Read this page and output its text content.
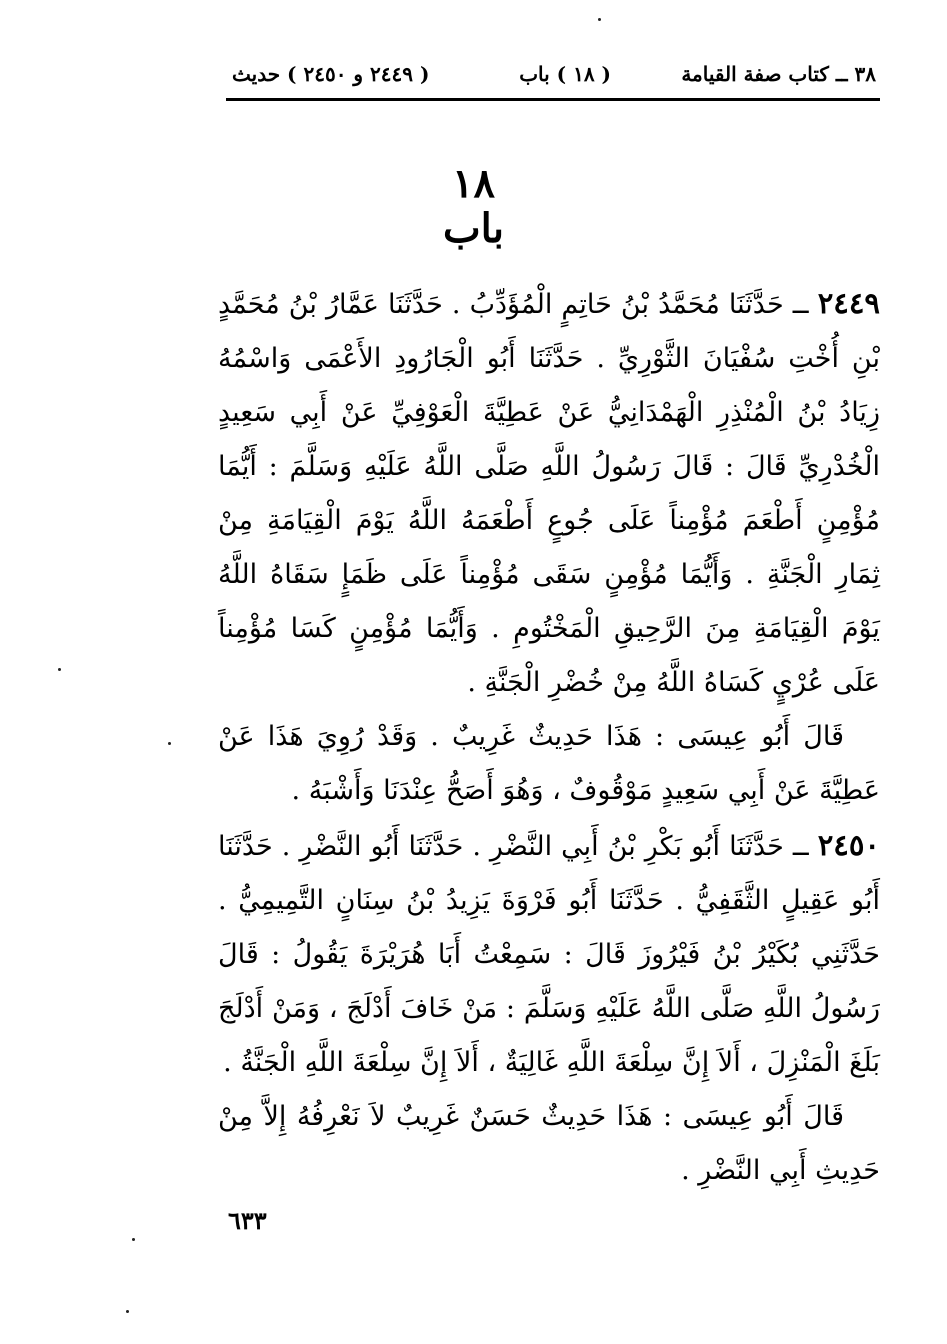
٣٨ ــ كتاب صفة القيامة
( ١٨ ) باب
( ٢٤٤٩ و ٢٤٥٠ ) حديث
١٨
باب

٢٤٤٩ ــ حَدَّثَنَا مُحَمَّدُ بْنُ حَاتِمٍ الْمُؤَدِّبُ . حَدَّثَنَا عَمَّارُ بْنُ مُحَمَّدٍ بْنِ أُخْتِ سُفْيَانَ الثَّوْرِيِّ . حَدَّثَنَا أَبُو الْجَارُودِ الأَعْمَى وَاسْمُهُ زِيَادُ بْنُ الْمُنْذِرِ الْهَمْدَانِيُّ عَنْ عَطِيَّةَ الْعَوْفِيِّ عَنْ أَبِي سَعِيدٍ الْخُدْرِيِّ قَالَ : قَالَ رَسُولُ اللَّهِ صَلَّى اللَّهُ عَلَيْهِ وَسَلَّمَ : أَيُّمَا مُؤْمِنٍ أَطْعَمَ مُؤْمِناً عَلَى جُوعٍ أَطْعَمَهُ اللَّهُ يَوْمَ الْقِيَامَةِ مِنْ ثِمَارِ الْجَنَّةِ . وَأَيُّمَا مُؤْمِنٍ سَقَى مُؤْمِناً عَلَى ظَمَإٍ سَقَاهُ اللَّهُ يَوْمَ الْقِيَامَةِ مِنَ الرَّحِيقِ الْمَخْتُومِ . وَأَيُّمَا مُؤْمِنٍ كَسَا مُؤْمِناً عَلَى عُرْيٍ كَسَاهُ اللَّهُ مِنْ خُضْرِ الْجَنَّةِ .

قَالَ أَبُو عِيسَى : هَذَا حَدِيثٌ غَرِيبٌ . وَقَدْ رُوِيَ هَذَا عَنْ عَطِيَّةَ عَنْ أَبِي سَعِيدٍ مَوْقُوفٌ ، وَهُوَ أَصَحُّ عِنْدَنَا وَأَشْبَهُ .

٢٤٥٠ ــ حَدَّثَنَا أَبُو بَكْرِ بْنُ أَبِي النَّضْرِ . حَدَّثَنَا أَبُو النَّضْرِ . حَدَّثَنَا أَبُو عَقِيلٍ الثَّقَفِيُّ . حَدَّثَنَا أَبُو فَرْوَةَ يَزِيدُ بْنُ سِنَانٍ التَّمِيمِيُّ . حَدَّثَنِي بُكَيْرُ بْنُ فَيْرُوزَ قَالَ : سَمِعْتُ أَبَا هُرَيْرَةَ يَقُولُ : قَالَ رَسُولُ اللَّهِ صَلَّى اللَّهُ عَلَيْهِ وَسَلَّمَ : مَنْ خَافَ أَدْلَجَ ، وَمَنْ أَدْلَجَ بَلَغَ الْمَنْزِلَ ، أَلاَ إِنَّ سِلْعَةَ اللَّهِ غَالِيَةٌ ، أَلاَ إِنَّ سِلْعَةَ اللَّهِ الْجَنَّةُ .

قَالَ أَبُو عِيسَى : هَذَا حَدِيثٌ حَسَنٌ غَرِيبٌ لاَ نَعْرِفُهُ إِلاَّ مِنْ حَدِيثِ أَبِي النَّضْرِ .

٦٣٣
